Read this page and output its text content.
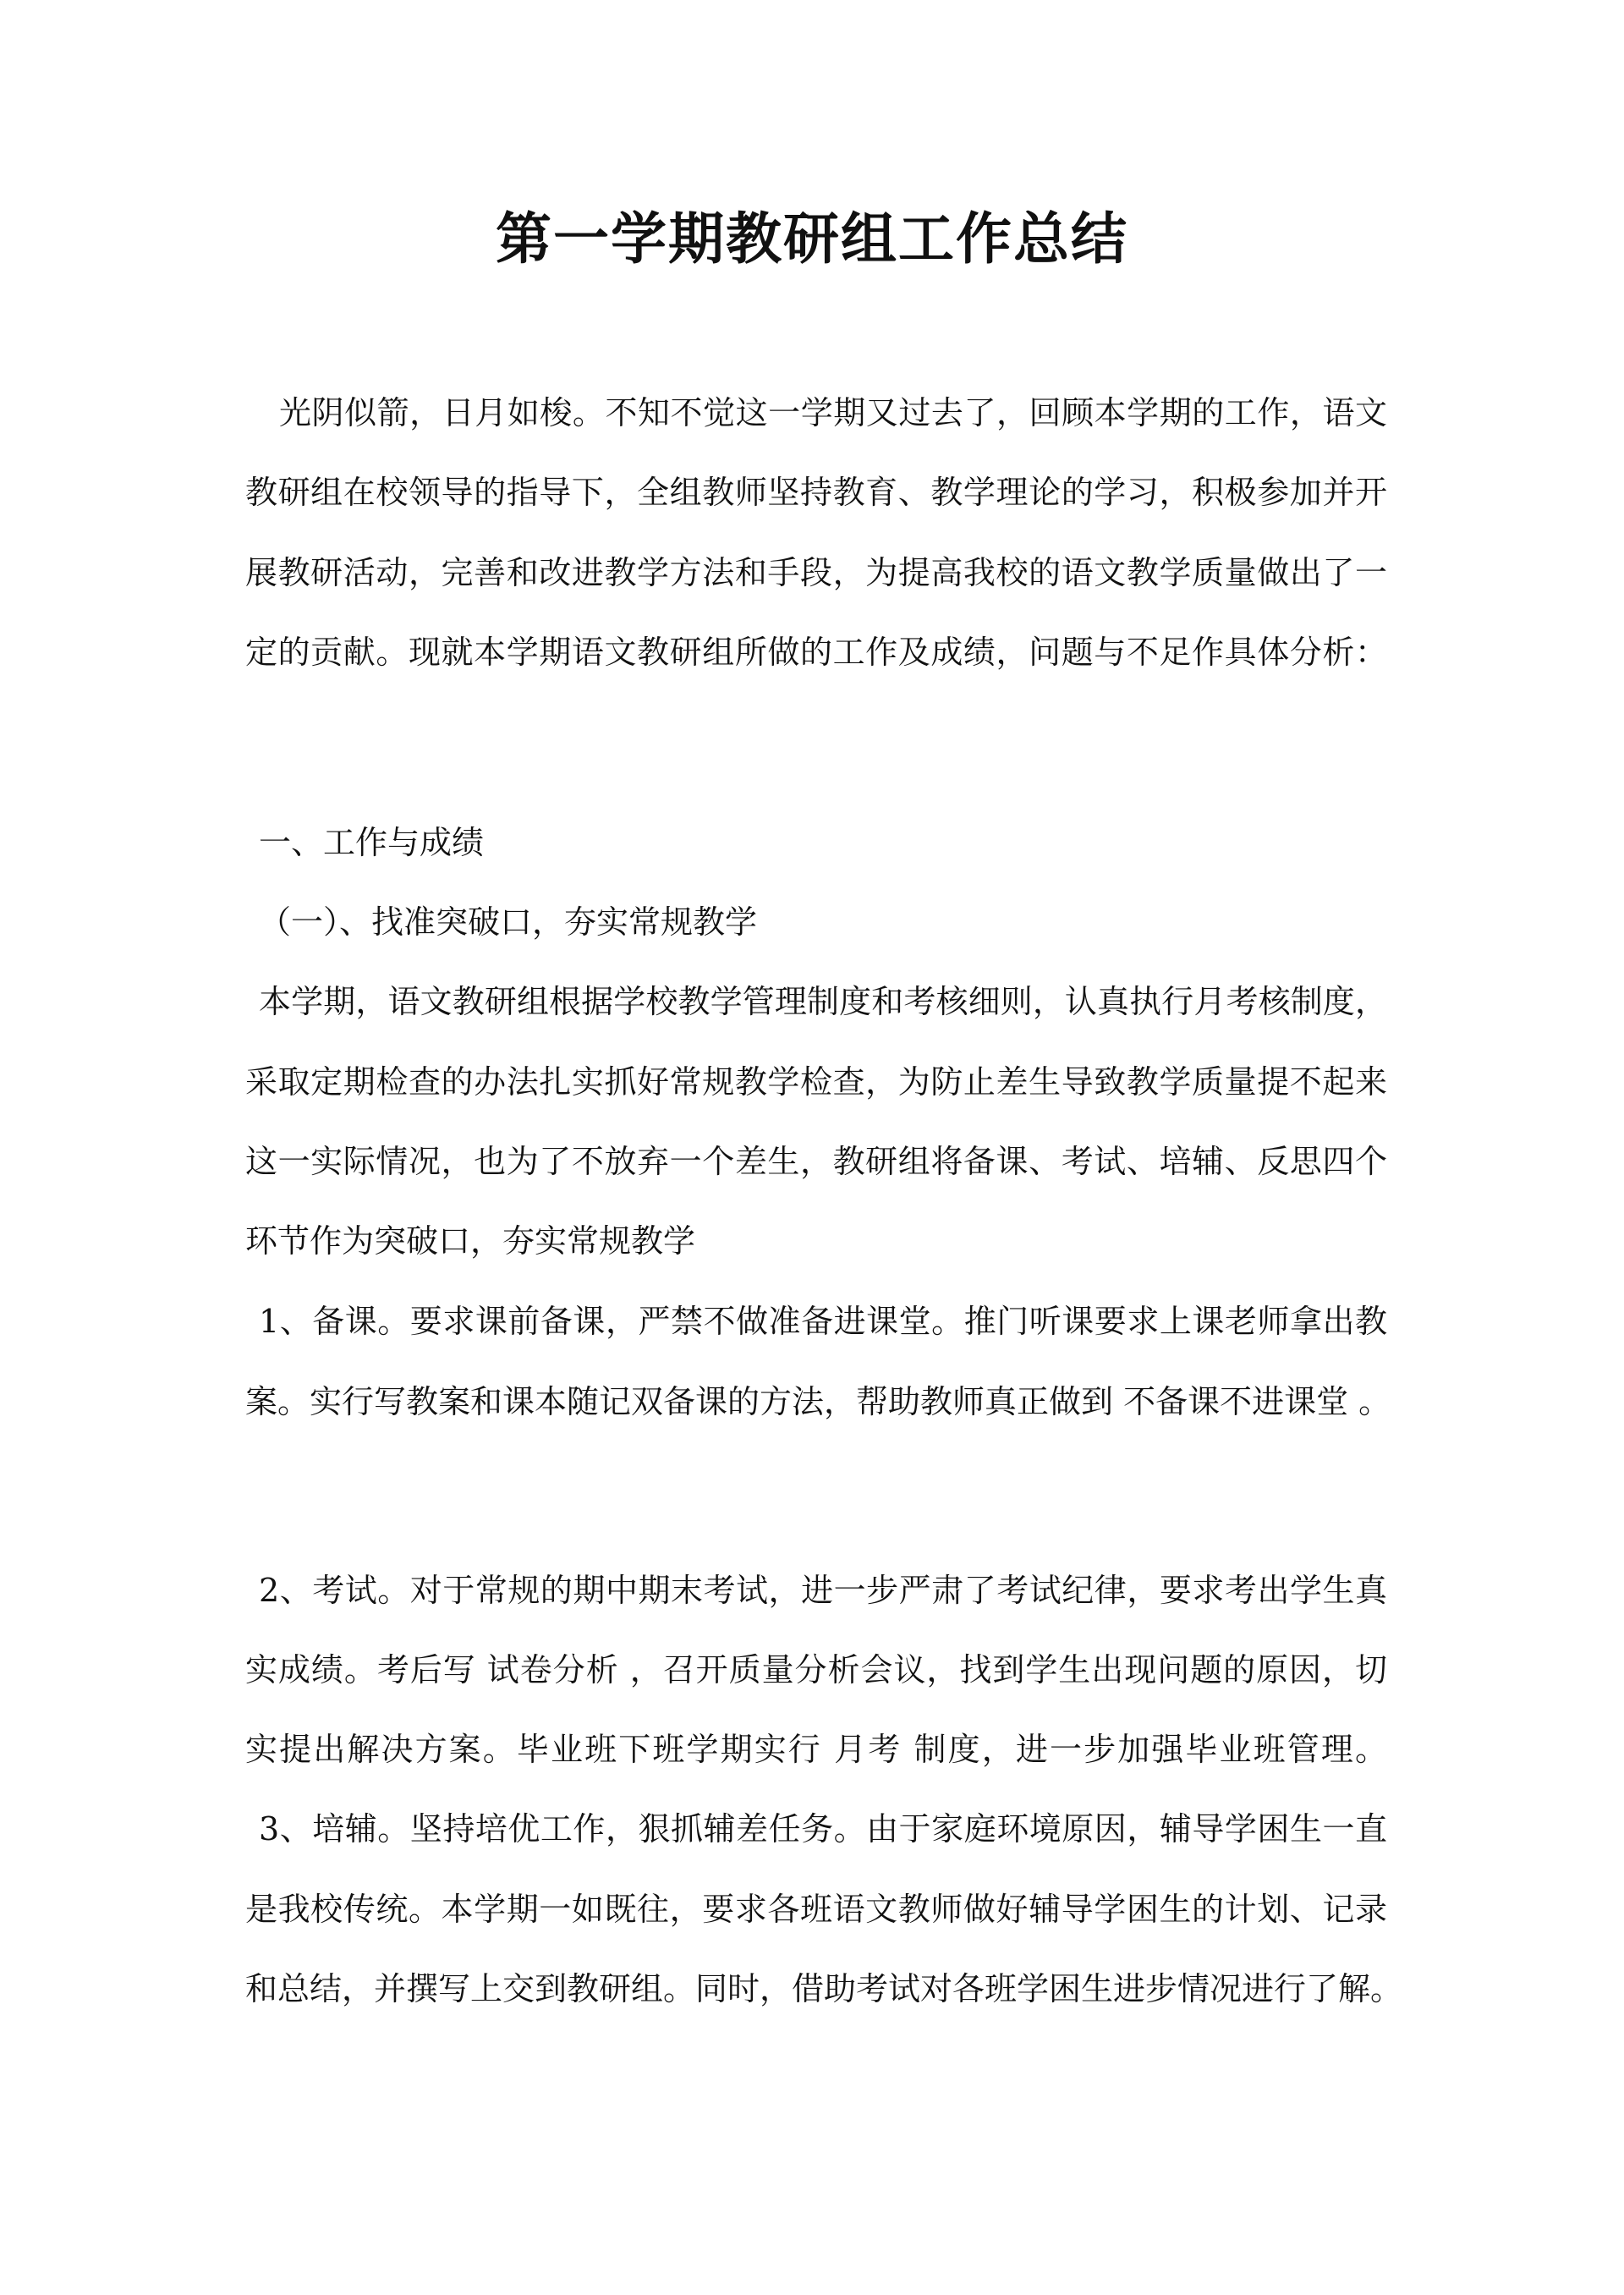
第一学期教研组工作总结

光阴似箭，日月如梭。不知不觉这一学期又过去了，回顾本学期的工作，语文

教研组在校领导的指导下，全组教师坚持教育、教学理论的学习，积极参加并开

展教研活动，完善和改进教学方法和手段，为提高我校的语文教学质量做出了一

定的贡献。现就本学期语文教研组所做的工作及成绩，问题与不足作具体分析：

一、工作与成绩

（一）、找准突破口，夯实常规教学

本学期，语文教研组根据学校教学管理制度和考核细则，认真执行月考核制度，

采取定期检查的办法扎实抓好常规教学检查，为防止差生导致教学质量提不起来

这一实际情况，也为了不放弃一个差生，教研组将备课、考试、培辅、反思四个

环节作为突破口，夯实常规教学

1、备课。要求课前备课，严禁不做准备进课堂。推门听课要求上课老师拿出教

案。实行写教案和课本随记双备课的方法，帮助教师真正做到 不备课不进课堂 。

2、考试。对于常规的期中期末考试，进一步严肃了考试纪律，要求考出学生真

实成绩。考后写 试卷分析 ，召开质量分析会议，找到学生出现问题的原因，切

实提出解决方案。毕业班下班学期实行 月考 制度，进一步加强毕业班管理。

3、培辅。坚持培优工作，狠抓辅差任务。由于家庭环境原因，辅导学困生一直

是我校传统。本学期一如既往，要求各班语文教师做好辅导学困生的计划、记录

和总结，并撰写上交到教研组。同时，借助考试对各班学困生进步情况进行了解。
